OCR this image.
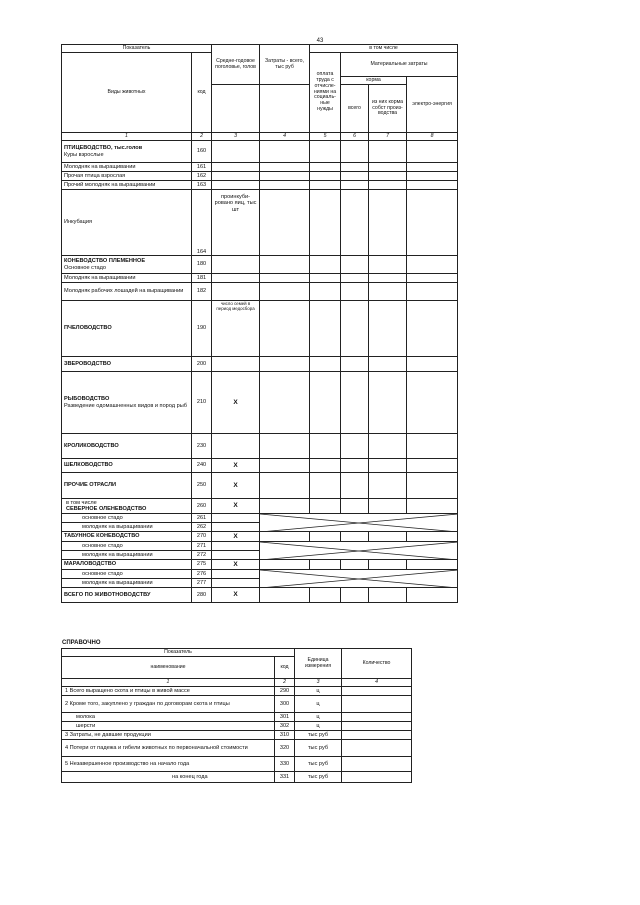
43
Показатель		Средне-годовое поголовье, голов	Затраты - всего, тыс руб	в том числе			
Виды животных	код			оплата труда с отчисле-ниями на социаль-ные нужды	Материальные затраты		
					корма		электро-энергия
					всего	из них корма собст произ-водства	
1	2	3	4	5	6	7	8

ПТИЦЕВОДСТВО, тыс.голов
Куры взрослые	160						

Молодняк на выращивании	161						

Прочая птица взрослая	162						

Прочий молодняк на выращивании	163						

Инкубация	164	проинкуби-ровано яиц, тыс шт					

КОНЕВОДСТВО ПЛЕМЕННОЕ
Основное стадо	180						

Молодняк на выращивании	181						

Молодняк рабочих лошадей на выращивании	182						

ПЧЕЛОВОДСТВО	190	число семей в период медосбора					

ЗВЕРОВОДСТВО	200						

РЫБОВОДСТВО
Разведение одомашненных видов и пород рыб	210	X					

КРОЛИКОВОДСТВО	230						

ШЕЛКОВОДСТВО	240	X					

ПРОЧИЕ ОТРАСЛИ	250	X					

в том числе
СЕВЕРНОЕ ОЛЕНЕВОДСТВО	260	X					

основное стадо	261		

молодняк на выращивании	262						

ТАБУННОЕ КОНЕВОДСТВО	270	X					

основное стадо	271		

молодняк на выращивании	272						

МАРАЛОВОДСТВО	275	X					

основное стадо	276		

молодняк на выращивании	277						

ВСЕГО ПО ЖИВОТНОВОДСТВУ	280	X					
СПРАВОЧНО
Показатель		Единица измерения	Количество
наименование	код		
1	2	3	4
1 Всего выращено скота и птицы в живой массе	290	ц	
2 Кроме того, закуплено у граждан по договорам скота и птицы	300	ц	
молока	301	ц	
шерсти	302	ц	
3 Затраты, не давшие продукции	310	тыс руб	
4 Потери от падежа и гибели животных по первоначальной стоимости	320	тыс руб	
5 Незавершенное производство на начало года	330	тыс руб	
на конец года	331	тыс руб	
